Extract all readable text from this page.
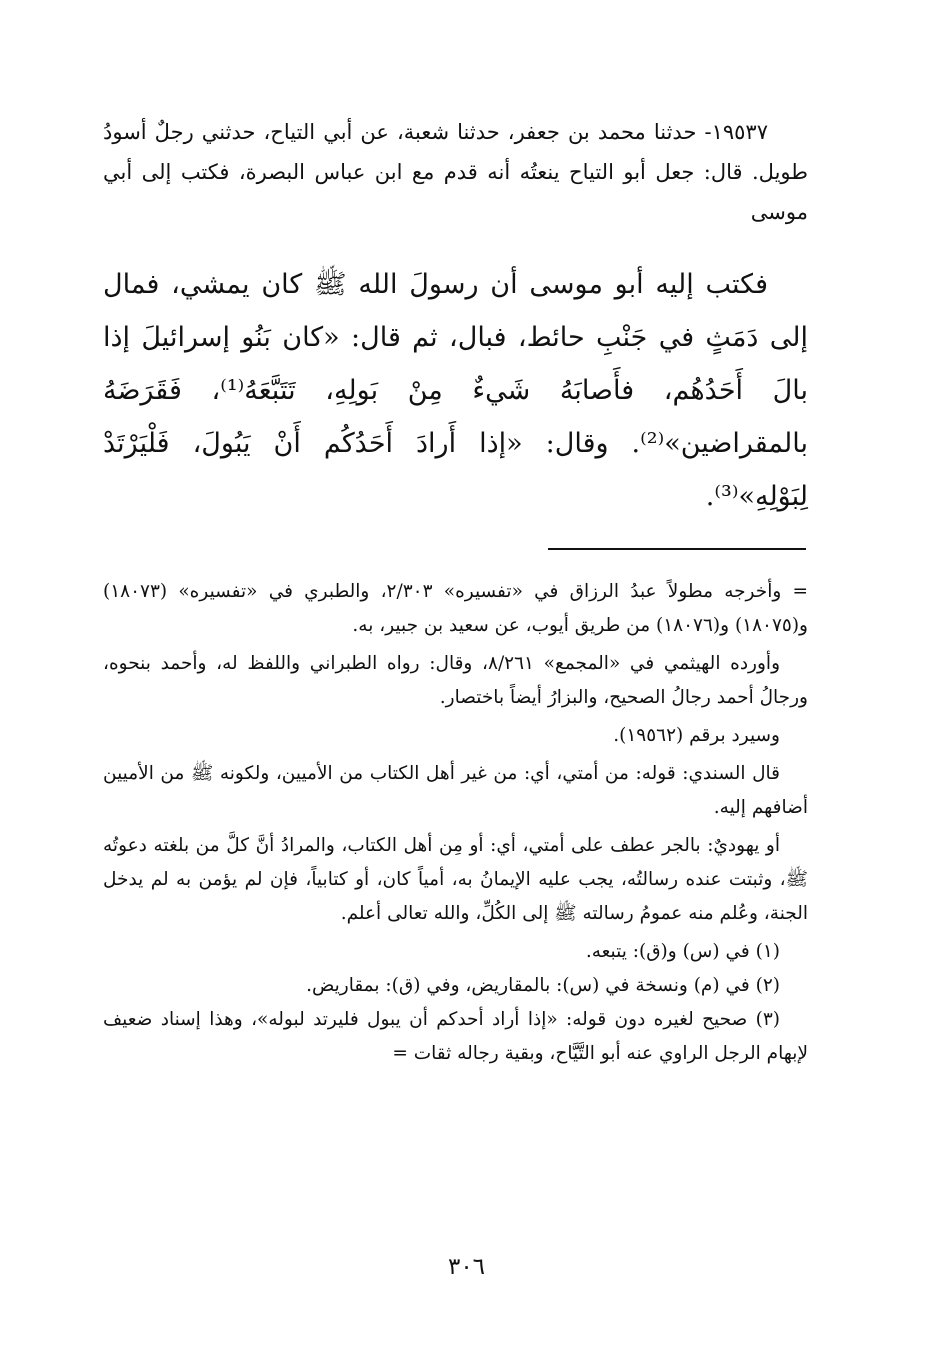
١٩٥٣٧- حدثنا محمد بن جعفر، حدثنا شعبة، عن أبي التياح، حدثني رجلٌ أسودُ طويل. قال: جعل أبو التياح ينعتُه أنه قدم مع ابن عباس البصرة، فكتب إلى أبي موسى

فكتب إليه أبو موسى أن رسولَ الله ﷺ كان يمشي، فمال إلى دَمَثٍ في جَنْبِ حائط، فبال، ثم قال: «كان بَنُو إسرائيلَ إذا بالَ أَحَدُهُم، فأَصابَهُ شَيءٌ مِنْ بَولِهِ، تَتَبَّعَهُ⁽¹⁾، فَقَرَضَهُ بالمقراضين»⁽²⁾. وقال: «إذا أَرادَ أَحَدُكُم أَنْ يَبُولَ، فَلْيَرْتَدْ لِبَوْلِهِ»⁽³⁾.

= وأخرجه مطولاً عبدُ الرزاق في «تفسيره» ٢/٣٠٣، والطبري في «تفسيره» (١٨٠٧٣) و(١٨٠٧٥) و(١٨٠٧٦) من طريق أيوب، عن سعيد بن جبير، به.

وأورده الهيثمي في «المجمع» ٨/٢٦١، وقال: رواه الطبراني واللفظ له، وأحمد بنحوه، ورجالُ أحمد رجالُ الصحيح، والبزارُ أيضاً باختصار.

وسيرد برقم (١٩٥٦٢).

قال السندي: قوله: من أمتي، أي: من غير أهل الكتاب من الأميين، ولكونه ﷺ من الأميين أضافهم إليه.

أو يهوديٌ: بالجر عطف على أمتي، أي: أو مِن أهل الكتاب، والمرادُ أنَّ كلَّ من بلغته دعوتُه ﷺ، وثبتت عنده رسالتُه، يجب عليه الإيمانُ به، أمياً كان، أو كتابياً، فإن لم يؤمن به لم يدخل الجنة، وعُلم منه عمومُ رسالته ﷺ إلى الكُلِّ، والله تعالى أعلم.

(١) في (س) و(ق): يتبعه.

(٢) في (م) ونسخة في (س): بالمقاريض، وفي (ق): بمقاريض.

(٣) صحيح لغيره دون قوله: «إذا أراد أحدكم أن يبول فليرتد لبوله»، وهذا إسناد ضعيف لإبهام الرجل الراوي عنه أبو التَّيَّاح، وبقية رجاله ثقات =

٣٠٦
